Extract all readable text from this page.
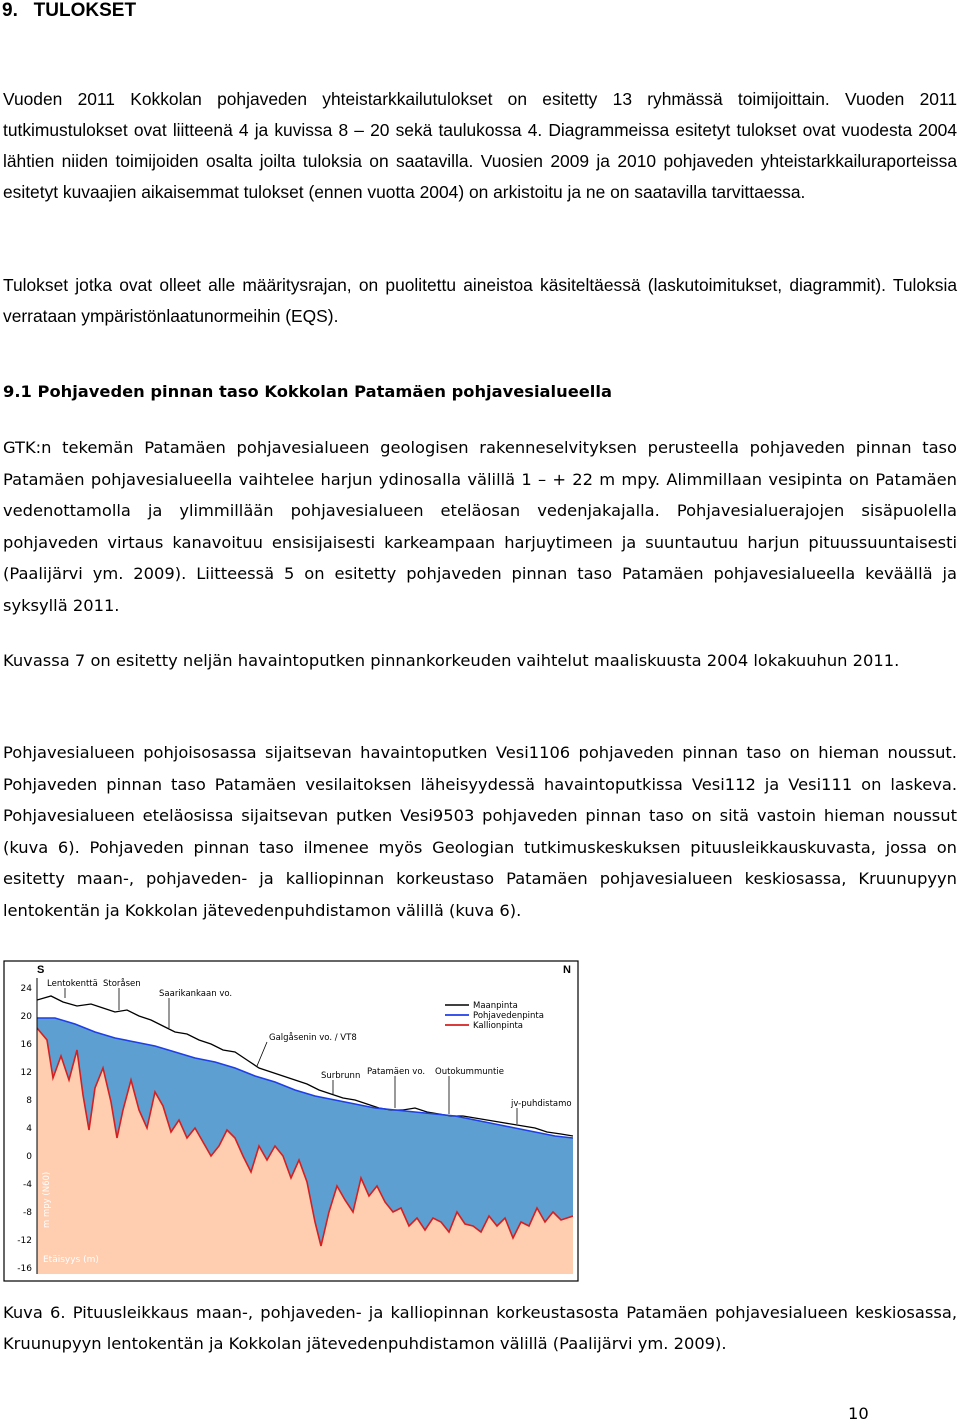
9.   TULOKSET
Vuoden 2011 Kokkolan pohjaveden yhteistarkkailutulokset on esitetty 13 ryhmässä toimijoittain. Vuoden 2011 tutkimustulokset ovat liitteenä 4 ja kuvissa 8 – 20 sekä taulukossa 4. Diagrammeissa esitetyt tulokset ovat vuodesta 2004 lähtien niiden toimijoiden osalta joilta tuloksia on saatavilla. Vuosien 2009 ja 2010 pohjaveden yhteistarkkailuraporteissa esitetyt kuvaajien aikaisemmat tulokset (ennen vuotta 2004) on arkistoitu ja ne on saatavilla tarvittaessa.
Tulokset jotka ovat olleet alle määritysrajan, on puolitettu aineistoa käsiteltäessä (laskutoimitukset, diagrammit). Tuloksia verrataan ympäristönlaatunormeihin (EQS).
9.1 Pohjaveden pinnan taso Kokkolan Patamäen pohjavesialueella
GTK:n tekemän Patamäen pohjavesialueen geologisen rakenneselvityksen perusteella pohjaveden pinnan taso Patamäen pohjavesialueella vaihtelee harjun ydinosalla välillä 1 – + 22 m mpy. Alimmillaan vesipinta on Patamäen vedenottamolla ja ylimmillään pohjavesialueen eteläosan vedenjakajalla. Pohjavesialuerajojen sisäpuolella pohjaveden virtaus kanavoituu ensisijaisesti karkeampaan harjuytimeen ja suuntautuu harjun pituussuuntaisesti (Paalijärvi ym. 2009). Liitteessä 5 on esitetty pohjaveden pinnan taso Patamäen pohjavesialueella keväällä ja syksyllä 2011.
Kuvassa 7 on esitetty neljän havaintoputken pinnankorkeuden vaihtelut maaliskuusta 2004 lokakuuhun 2011.
Pohjavesialueen pohjoisosassa sijaitsevan havaintoputken Vesi1106 pohjaveden pinnan taso on hieman noussut. Pohjaveden pinnan taso Patamäen vesilaitoksen läheisyydessä havaintoputkissa Vesi112 ja Vesi111 on laskeva. Pohjavesialueen eteläosissa sijaitsevan putken Vesi9503 pohjaveden pinnan taso on sitä vastoin hieman noussut (kuva 6). Pohjaveden pinnan taso ilmenee myös Geologian tutkimuskeskuksen pituusleikkauskuvasta, jossa on esitetty maan-, pohjaveden- ja kalliopinnan korkeustaso Patamäen pohjavesialueen keskiosassa, Kruunupyyn lentokentän ja Kokkolan jätevedenpuhdistamon välillä (kuva 6).
24
20
16
12
8
4
0
-4
-8
-12
-16
S	N
m mpy (N60)
Etäisyys (m)
Lentokenttä Storåsen
Saarikankaan vo.
Galgåsenin vo. / VT8
Surbrunn Patamäen vo. Outokummuntie
jv-puhdistamo
Maanpinta
Pohjavedenpinta
Kallionpinta
Kuva 6. Pituusleikkaus maan-, pohjaveden- ja kalliopinnan korkeustasosta Patamäen pohjavesialueen keskiosassa, Kruunupyyn lentokentän ja Kokkolan jätevedenpuhdistamon välillä (Paalijärvi ym. 2009).
10
